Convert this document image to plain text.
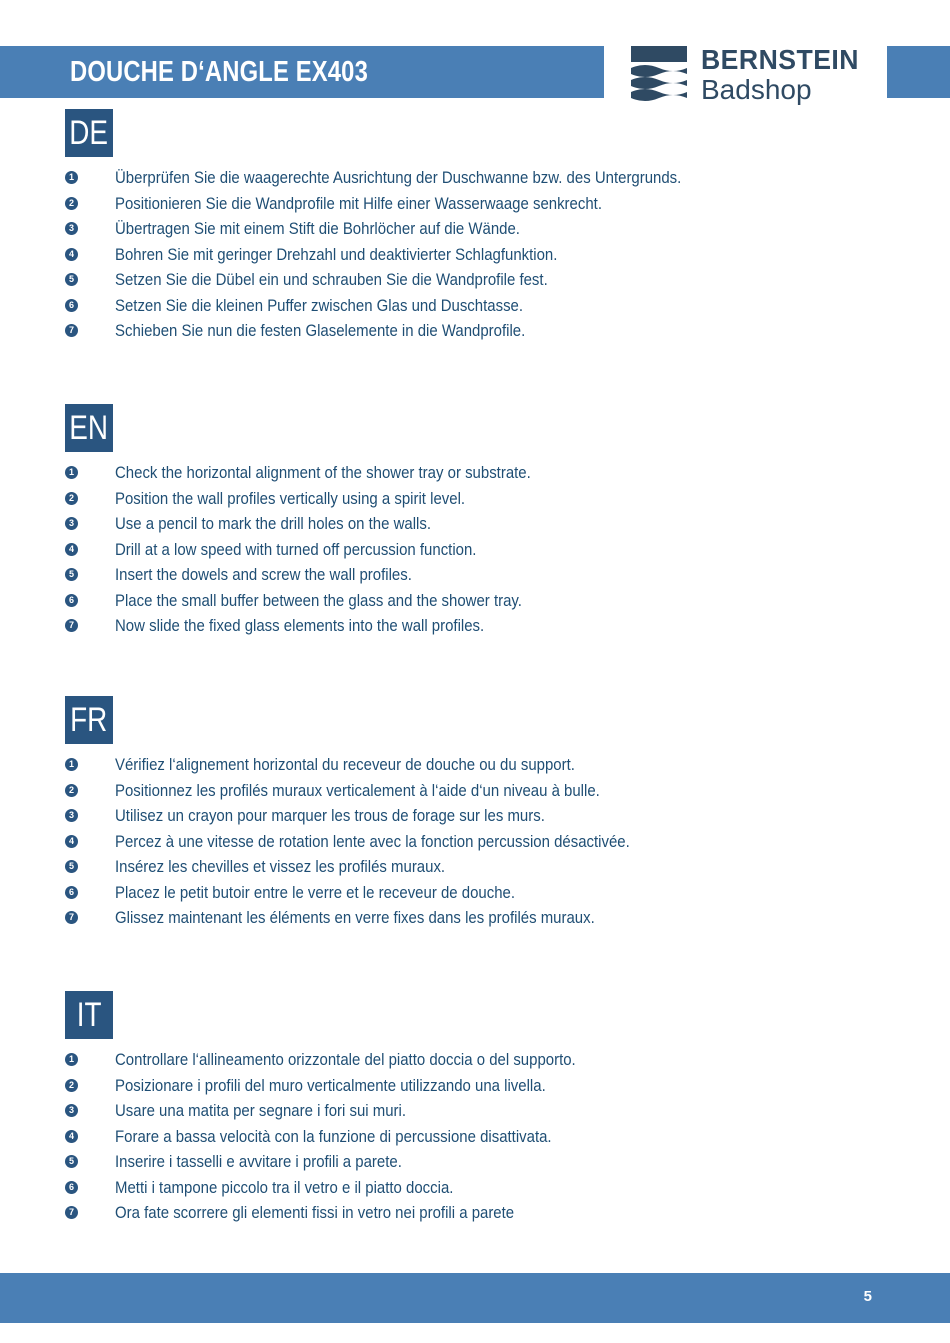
DOUCHE D‘ANGLE EX403	BERNSTEIN
Badshop
DE
1 Überprüfen Sie die waagerechte Ausrichtung der Duschwanne bzw. des Untergrunds.
2 Positionieren Sie die Wandprofile mit Hilfe einer Wasserwaage senkrecht.
3 Übertragen Sie mit einem Stift die Bohrlöcher auf die Wände.
4 Bohren Sie mit geringer Drehzahl und deaktivierter Schlagfunktion.
5 Setzen Sie die Dübel ein und schrauben Sie die Wandprofile fest.
6 Setzen Sie die kleinen Puffer zwischen Glas und Duschtasse.
7 Schieben Sie nun die festen Glaselemente in die Wandprofile.
EN
1 Check the horizontal alignment of the shower tray or substrate.
2 Position the wall profiles vertically using a spirit level.
3 Use a pencil to mark the drill holes on the walls.
4 Drill at a low speed with turned off percussion function.
5 Insert the dowels and screw the wall profiles.
6 Place the small buffer between the glass and the shower tray.
7 Now slide the fixed glass elements into the wall profiles.
FR
1 Vérifiez l‘alignement horizontal du receveur de douche ou du support.
2 Positionnez les profilés muraux verticalement à l‘aide d‘un niveau à bulle.
3 Utilisez un crayon pour marquer les trous de forage sur les murs.
4 Percez à une vitesse de rotation lente avec la fonction percussion désactivée.
5 Insérez les chevilles et vissez les profilés muraux.
6 Placez le petit butoir entre le verre et le receveur de douche.
7 Glissez maintenant les éléments en verre fixes dans les profilés muraux.
IT
1 Controllare l‘allineamento orizzontale del piatto doccia o del supporto.
2 Posizionare i profili del muro verticalmente utilizzando una livella.
3 Usare una matita per segnare i fori sui muri.
4 Forare a bassa velocità con la funzione di percussione disattivata.
5 Inserire i tasselli e avvitare i profili a parete.
6 Metti i tampone piccolo tra il vetro e il piatto doccia.
7 Ora fate scorrere gli elementi fissi in vetro nei profili a parete
5
